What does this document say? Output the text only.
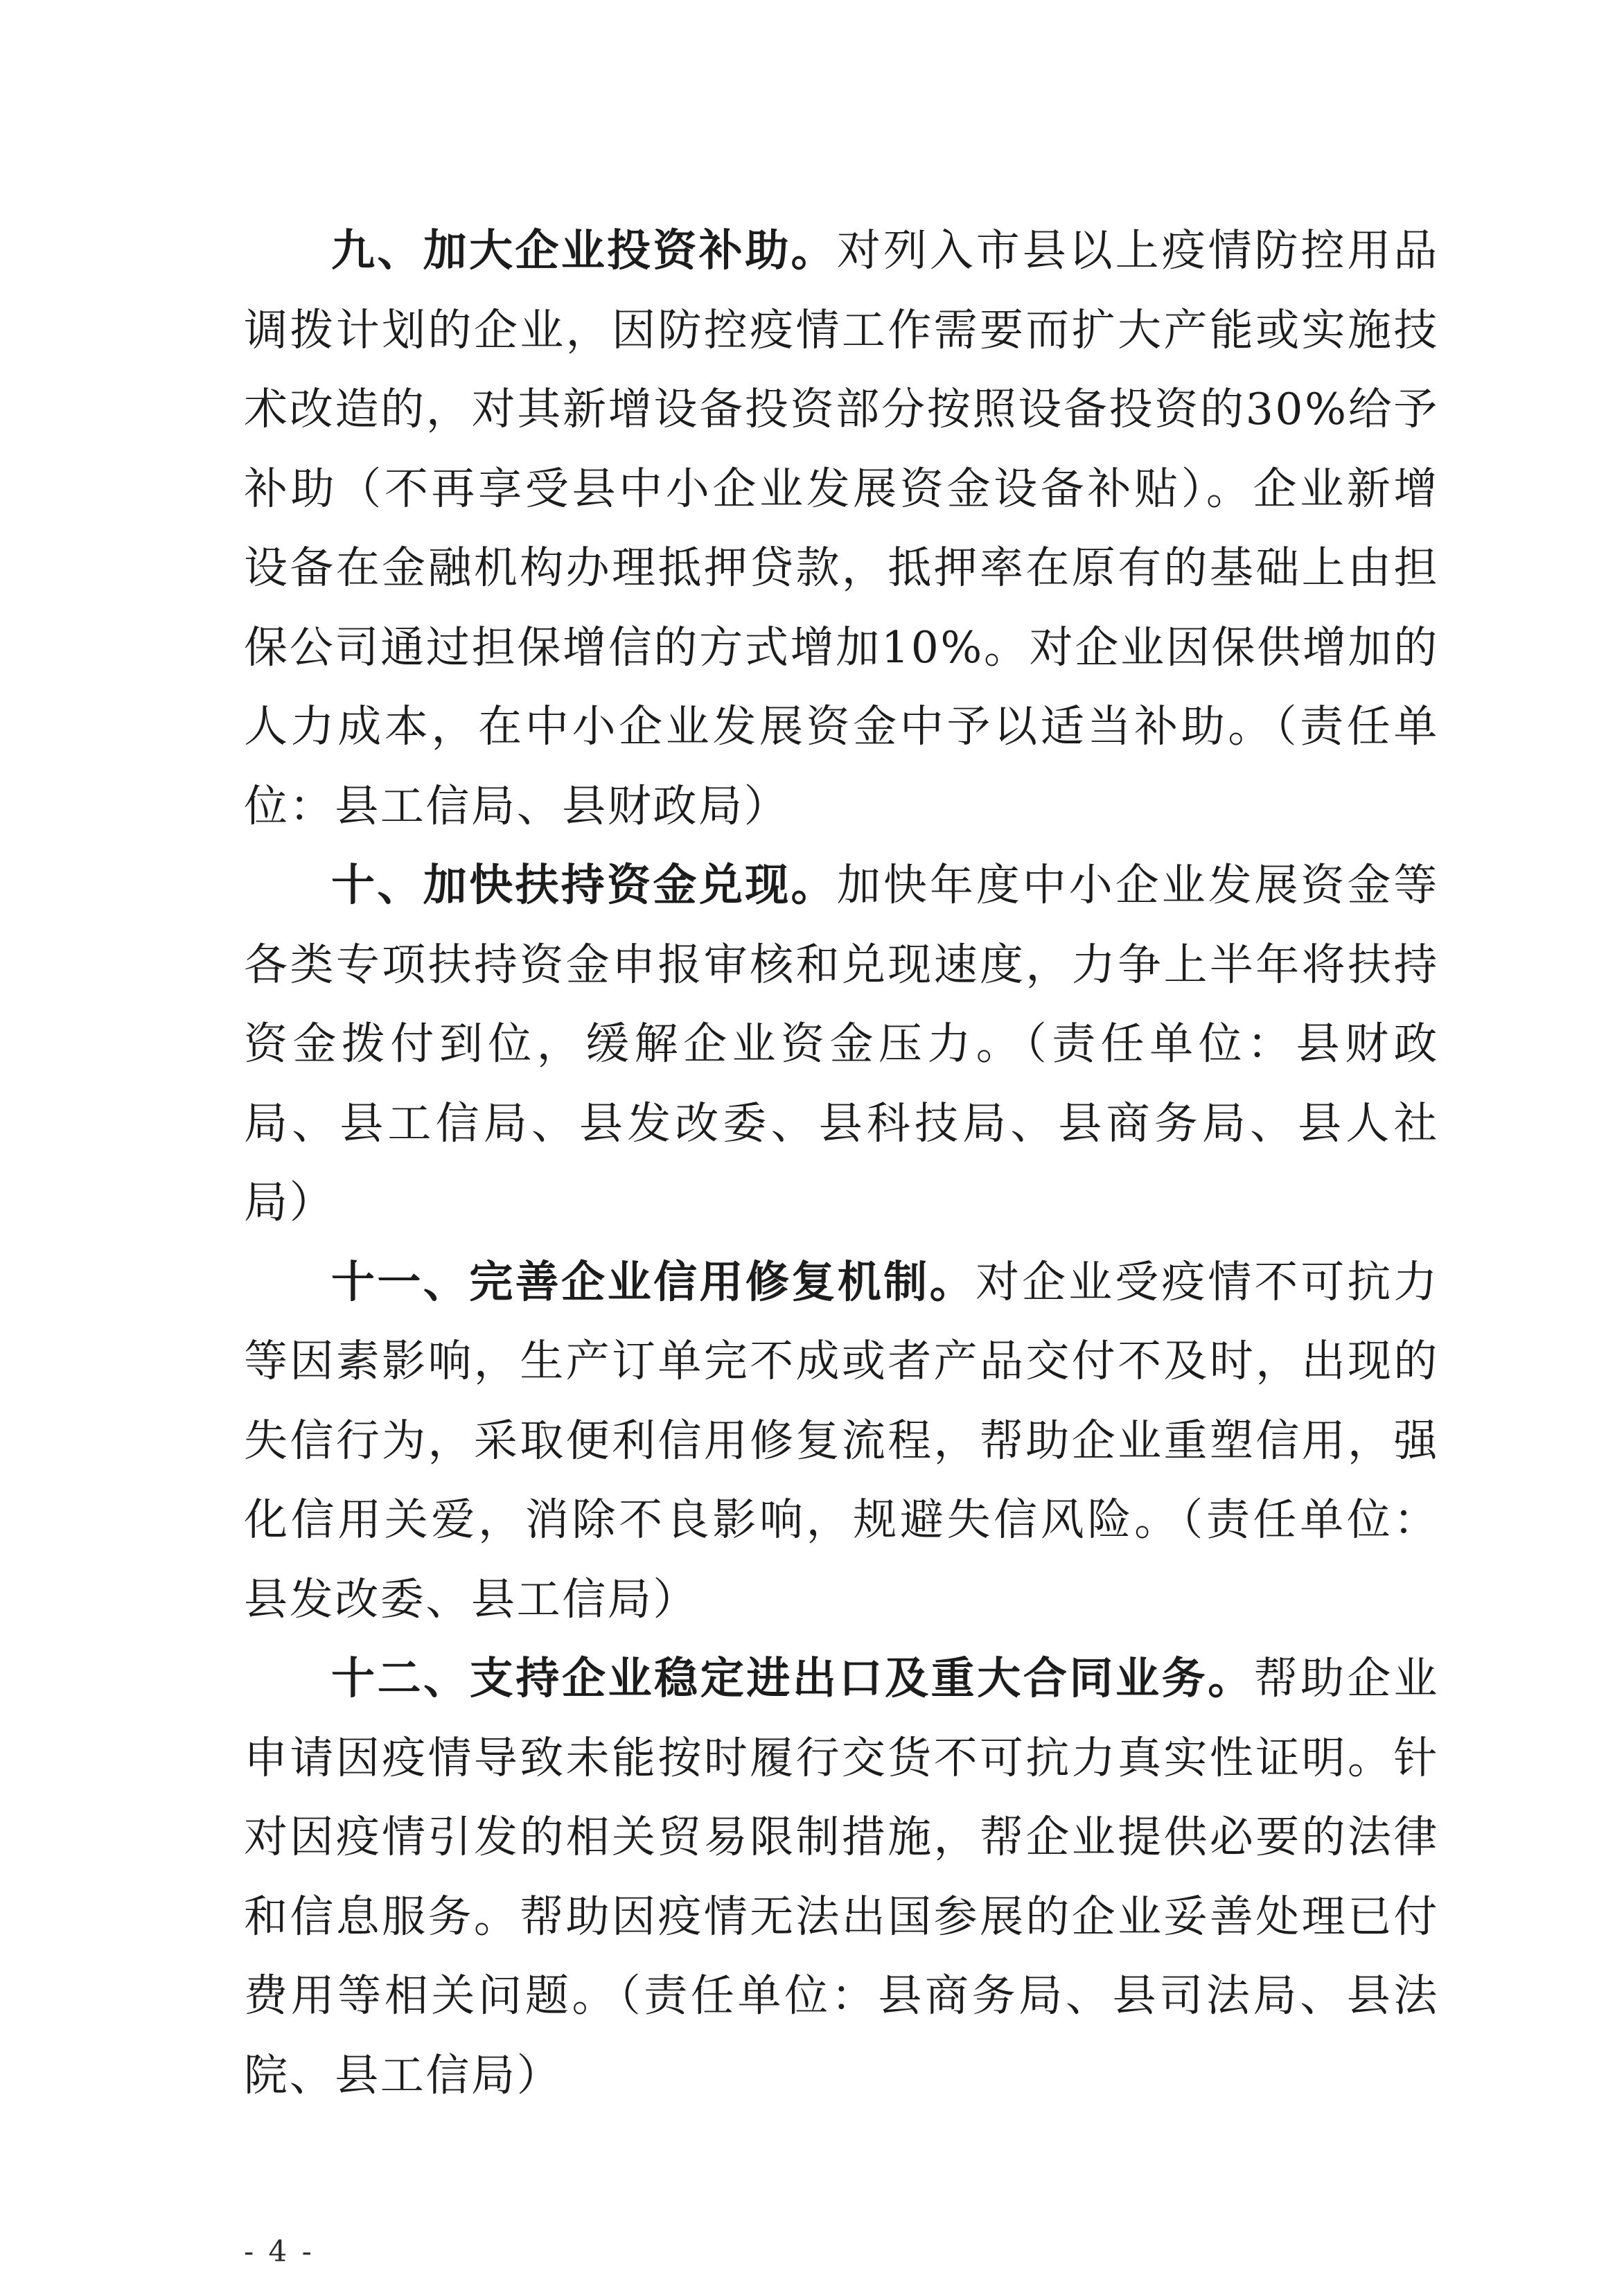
九、加大企业投资补助。对列入市县以上疫情防控用品调拨计划的企业，因防控疫情工作需要而扩大产能或实施技术改造的，对其新增设备投资部分按照设备投资的30%给予补助（不再享受县中小企业发展资金设备补贴）。企业新增设备在金融机构办理抵押贷款，抵押率在原有的基础上由担保公司通过担保增信的方式增加10%。对企业因保供增加的人力成本，在中小企业发展资金中予以适当补助。（责任单位：县工信局、县财政局）

十、加快扶持资金兑现。加快年度中小企业发展资金等各类专项扶持资金申报审核和兑现速度，力争上半年将扶持资金拨付到位，缓解企业资金压力。（责任单位：县财政局、县工信局、县发改委、县科技局、县商务局、县人社局）

十一、完善企业信用修复机制。对企业受疫情不可抗力等因素影响，生产订单完不成或者产品交付不及时，出现的失信行为，采取便利信用修复流程，帮助企业重塑信用，强化信用关爱，消除不良影响，规避失信风险。（责任单位：县发改委、县工信局）

十二、支持企业稳定进出口及重大合同业务。帮助企业申请因疫情导致未能按时履行交货不可抗力真实性证明。针对因疫情引发的相关贸易限制措施，帮企业提供必要的法律和信息服务。帮助因疫情无法出国参展的企业妥善处理已付费用等相关问题。（责任单位：县商务局、县司法局、县法院、县工信局）

- 4 -
